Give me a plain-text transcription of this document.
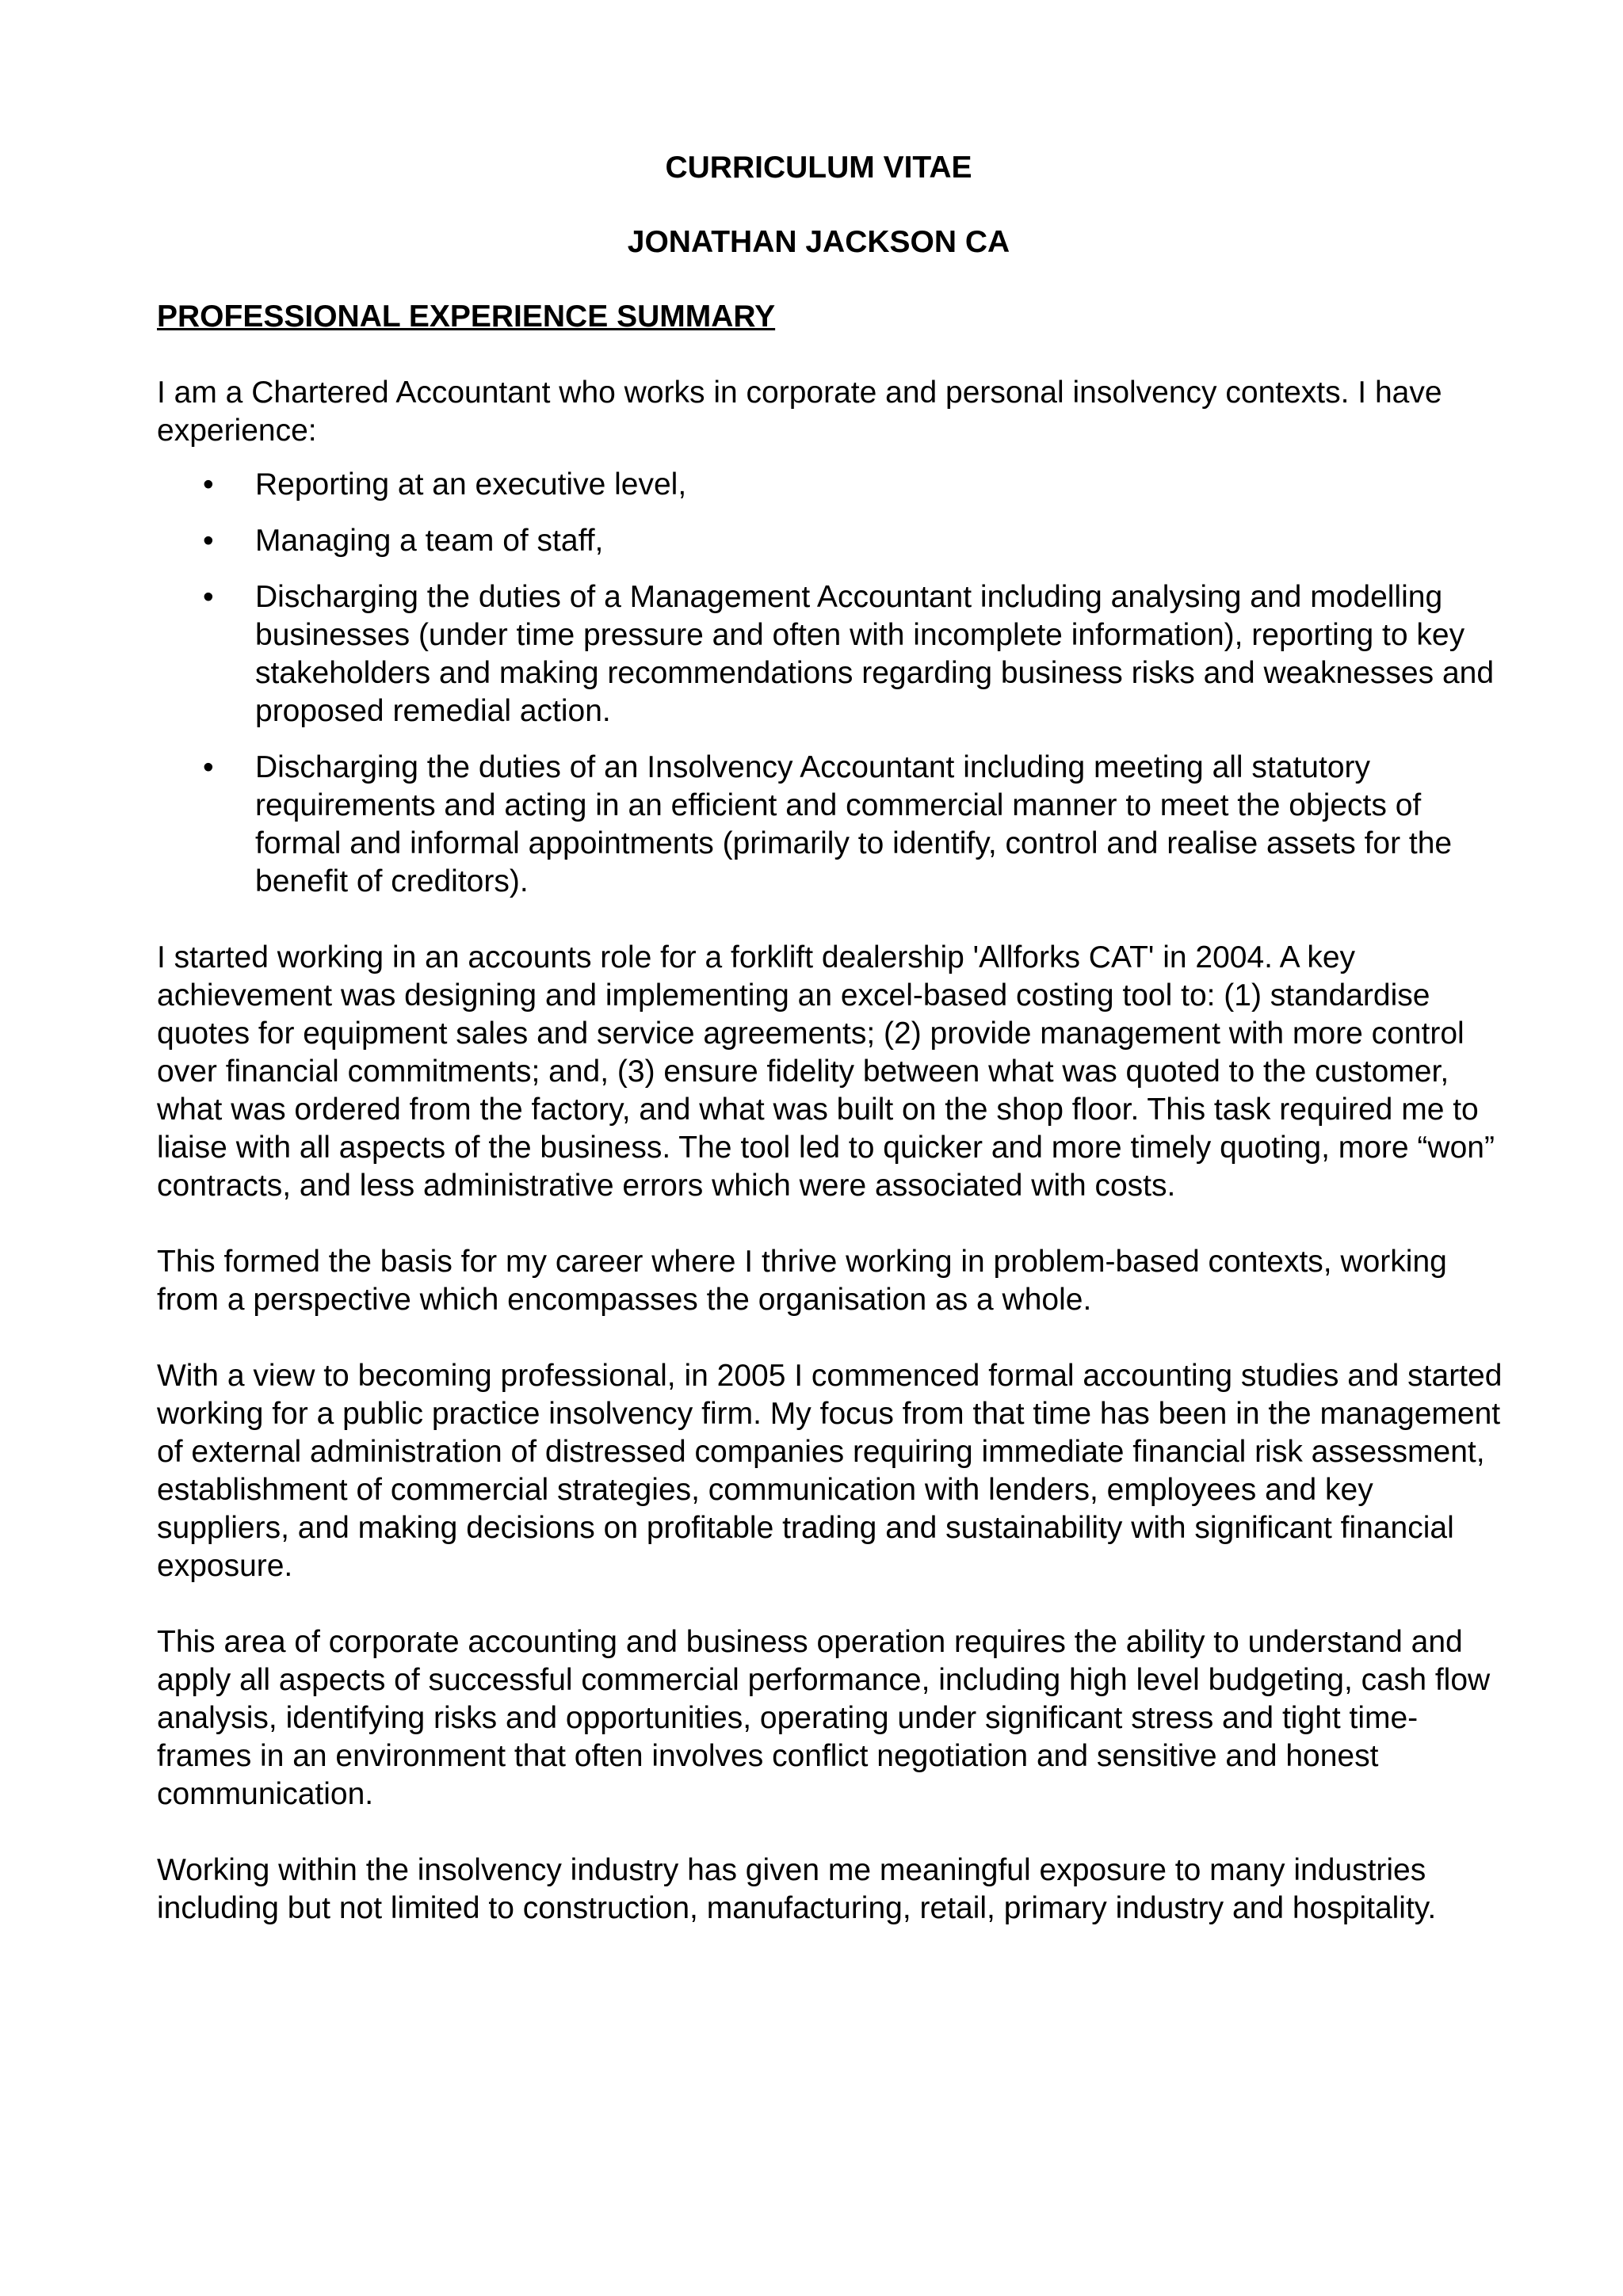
CURRICULUM VITAE
JONATHAN JACKSON CA
PROFESSIONAL EXPERIENCE SUMMARY

I am a Chartered Accountant who works in corporate and personal insolvency contexts. I have experience:

• Reporting at an executive level,
• Managing a team of staff,
• Discharging the duties of a Management Accountant including analysing and modelling businesses (under time pressure and often with incomplete information), reporting to key stakeholders and making recommendations regarding business risks and weaknesses and proposed remedial action.
• Discharging the duties of an Insolvency Accountant including meeting all statutory requirements and acting in an efficient and commercial manner to meet the objects of formal and informal appointments (primarily to identify, control and realise assets for the benefit of creditors).

I started working in an accounts role for a forklift dealership 'Allforks CAT' in 2004. A key achievement was designing and implementing an excel-based costing tool to: (1) standardise quotes for equipment sales and service agreements; (2) provide management with more control over financial commitments; and, (3) ensure fidelity between what was quoted to the customer, what was ordered from the factory, and what was built on the shop floor. This task required me to liaise with all aspects of the business. The tool led to quicker and more timely quoting, more “won” contracts, and less administrative errors which were associated with costs.

This formed the basis for my career where I thrive working in problem-based contexts, working from a perspective which encompasses the organisation as a whole.

With a view to becoming professional, in 2005 I commenced formal accounting studies and started working for a public practice insolvency firm. My focus from that time has been in the management of external administration of distressed companies requiring immediate financial risk assessment, establishment of commercial strategies, communication with lenders, employees and key suppliers, and making decisions on profitable trading and sustainability with significant financial exposure.

This area of corporate accounting and business operation requires the ability to understand and apply all aspects of successful commercial performance, including high level budgeting, cash flow analysis, identifying risks and opportunities, operating under significant stress and tight time-frames in an environment that often involves conflict negotiation and sensitive and honest communication.

Working within the insolvency industry has given me meaningful exposure to many industries including but not limited to construction, manufacturing, retail, primary industry and hospitality.
